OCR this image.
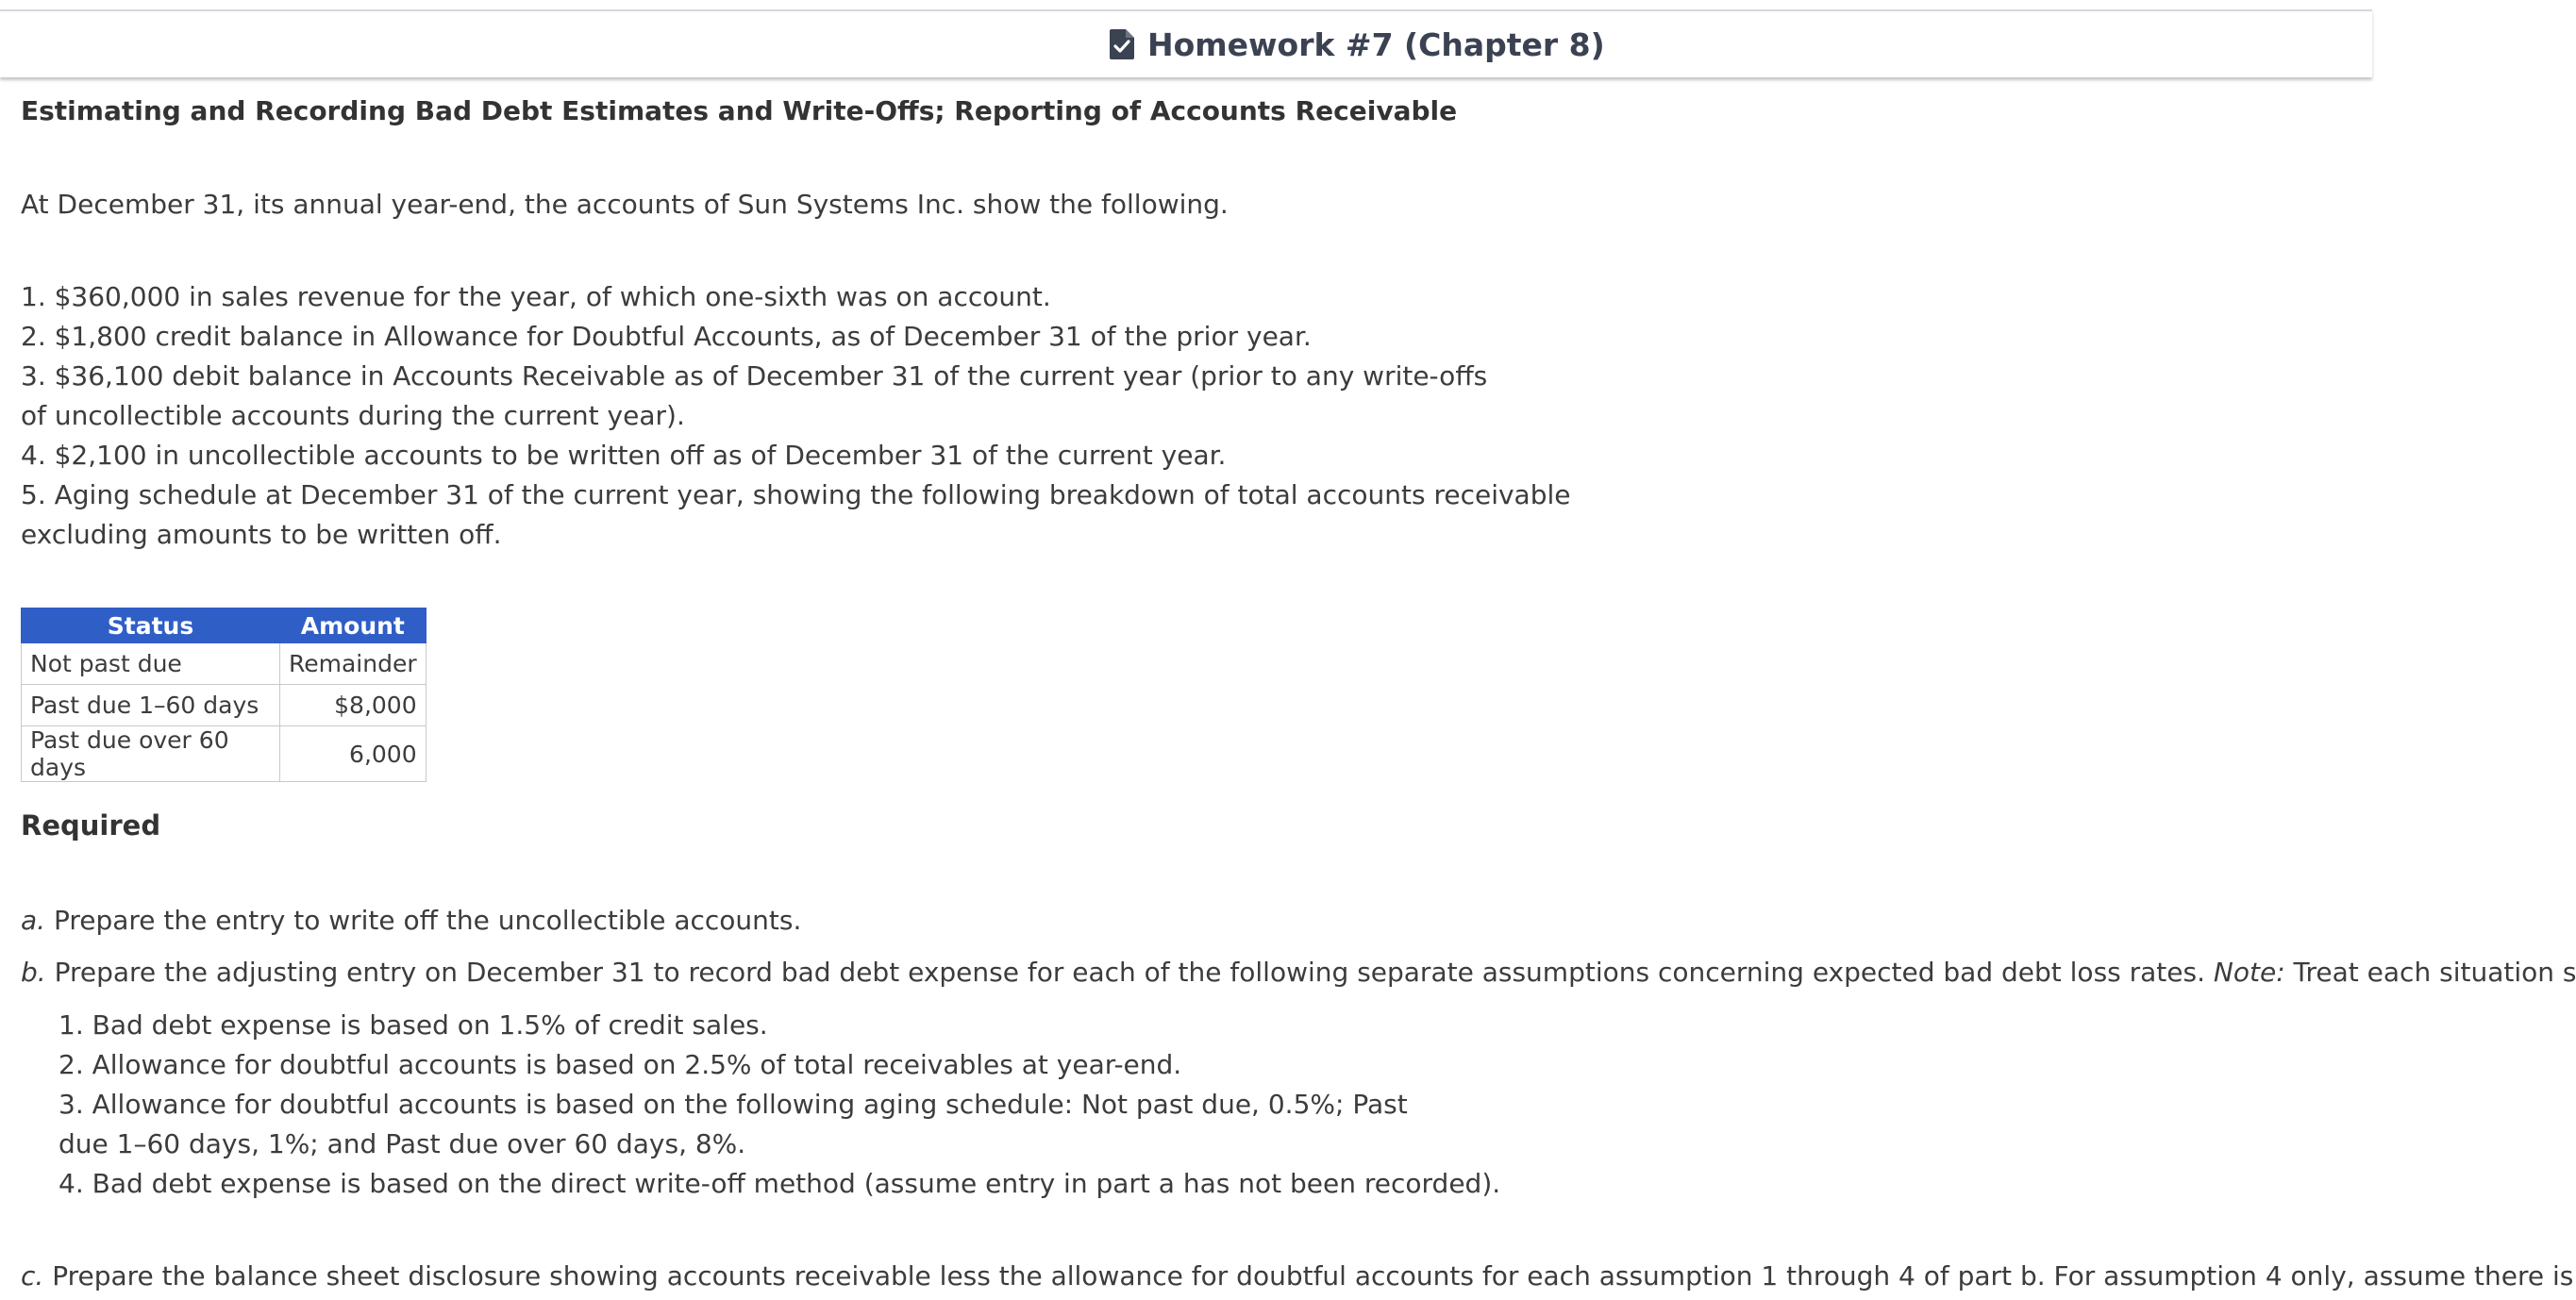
Homework #7 (Chapter 8)
Estimating and Recording Bad Debt Estimates and Write-Offs; Reporting of Accounts Receivable
At December 31, its annual year-end, the accounts of Sun Systems Inc. show the following.
1. $360,000 in sales revenue for the year, of which one-sixth was on account.
2. $1,800 credit balance in Allowance for Doubtful Accounts, as of December 31 of the prior year.
3. $36,100 debit balance in Accounts Receivable as of December 31 of the current year (prior to any write-offs
of uncollectible accounts during the current year).
4. $2,100 in uncollectible accounts to be written off as of December 31 of the current year.
5. Aging schedule at December 31 of the current year, showing the following breakdown of total accounts receivable
excluding amounts to be written off.
Status	Amount
Not past due	Remainder
Past due 1–60 days	$8,000
Past due over 60 days	6,000
Required
a. Prepare the entry to write off the uncollectible accounts.
b. Prepare the adjusting entry on December 31 to record bad debt expense for each of the following separate assumptions concerning expected bad debt loss rates. Note: Treat each situation s
1. Bad debt expense is based on 1.5% of credit sales.
2. Allowance for doubtful accounts is based on 2.5% of total receivables at year-end.
3. Allowance for doubtful accounts is based on the following aging schedule: Not past due, 0.5%; Past
due 1–60 days, 1%; and Past due over 60 days, 8%.
4. Bad debt expense is based on the direct write-off method (assume entry in part a has not been recorded).
c. Prepare the balance sheet disclosure showing accounts receivable less the allowance for doubtful accounts for each assumption 1 through 4 of part b. For assumption 4 only, assume there is
